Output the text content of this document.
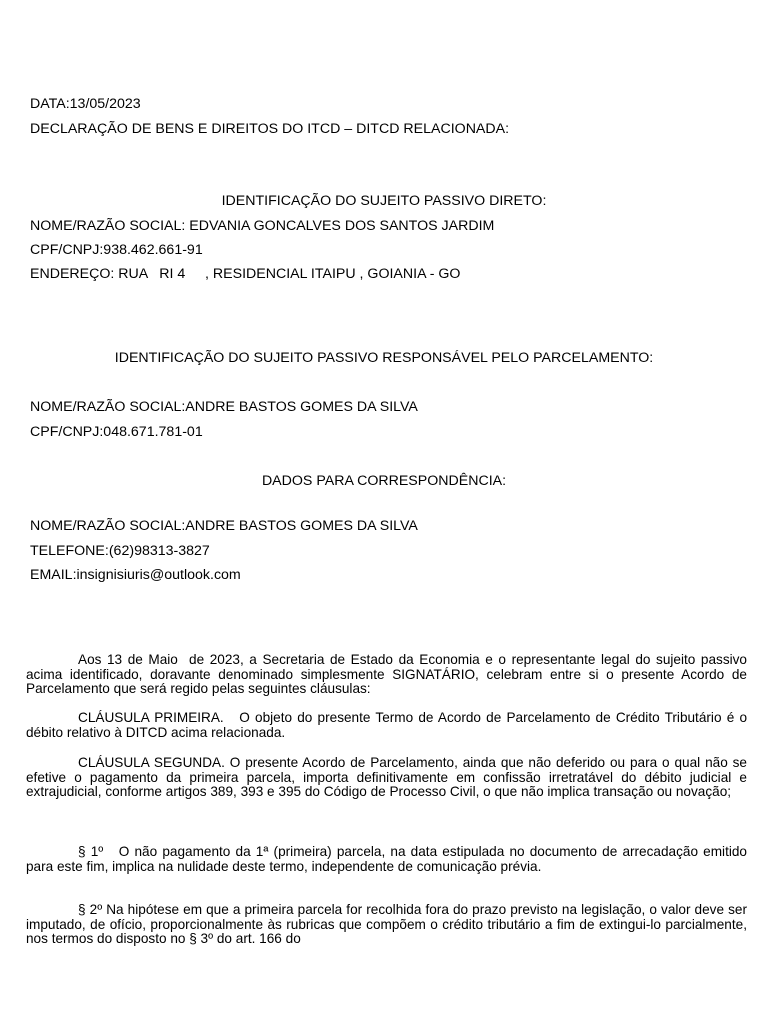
DATA:13/05/2023
DECLARAÇÃO DE BENS E DIREITOS DO ITCD – DITCD RELACIONADA:
IDENTIFICAÇÃO DO SUJEITO PASSIVO DIRETO:
NOME/RAZÃO SOCIAL: EDVANIA GONCALVES DOS SANTOS JARDIM
CPF/CNPJ:938.462.661-91
ENDEREÇO: RUA   RI 4     , RESIDENCIAL ITAIPU , GOIANIA - GO
IDENTIFICAÇÃO DO SUJEITO PASSIVO RESPONSÁVEL PELO PARCELAMENTO:
NOME/RAZÃO SOCIAL:ANDRE BASTOS GOMES DA SILVA
CPF/CNPJ:048.671.781-01
DADOS PARA CORRESPONDÊNCIA:
NOME/RAZÃO SOCIAL:ANDRE BASTOS GOMES DA SILVA
TELEFONE:(62)98313-3827
EMAIL:insignisiuris@outlook.com

Aos 13 de Maio  de 2023, a Secretaria de Estado da Economia e o representante legal do sujeito passivo acima identificado, doravante denominado simplesmente SIGNATÁRIO, celebram entre si o presente Acordo de Parcelamento que será regido pelas seguintes cláusulas:

CLÁUSULA PRIMEIRA.   O objeto do presente Termo de Acordo de Parcelamento de Crédito Tributário é o débito relativo à DITCD acima relacionada.

CLÁUSULA SEGUNDA. O presente Acordo de Parcelamento, ainda que não deferido ou para o qual não se efetive o pagamento da primeira parcela, importa definitivamente em confissão irretratável do débito judicial e extrajudicial, conforme artigos 389, 393 e 395 do Código de Processo Civil, o que não implica transação ou novação;

§ 1º   O não pagamento da 1ª (primeira) parcela, na data estipulada no documento de arrecadação emitido para este fim, implica na nulidade deste termo, independente de comunicação prévia.

§ 2º Na hipótese em que a primeira parcela for recolhida fora do prazo previsto na legislação, o valor deve ser imputado, de ofício, proporcionalmente às rubricas que compõem o crédito tributário a fim de extingui-lo parcialmente, nos termos do disposto no § 3º do art. 166 do
